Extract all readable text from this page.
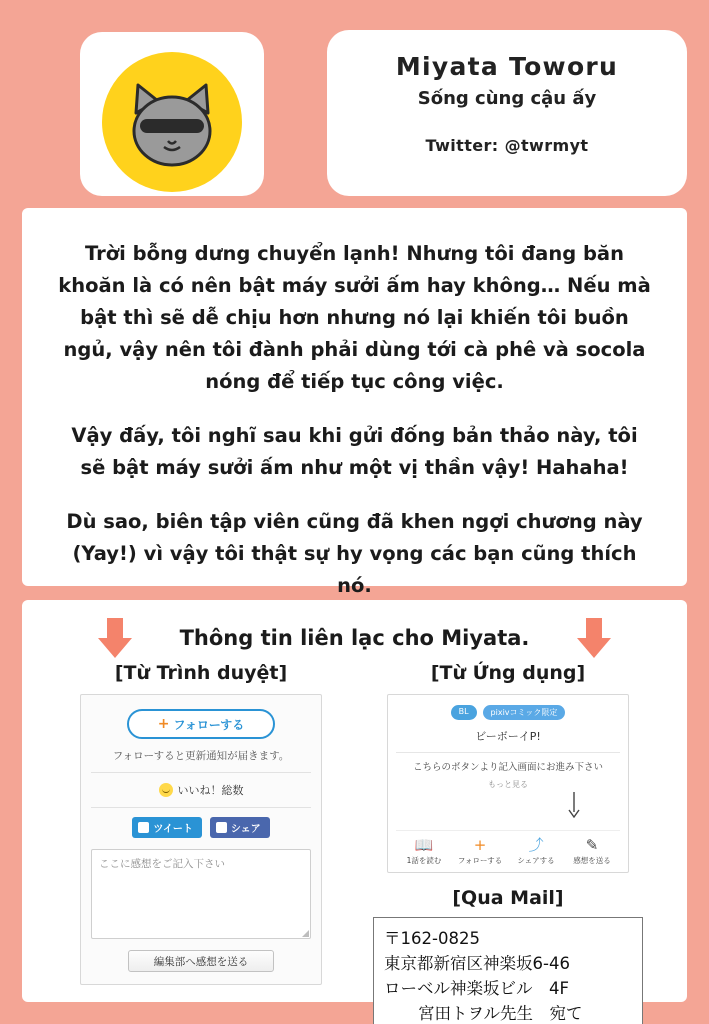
Miyata Toworu
Sống cùng cậu ấy
Twitter: @twrmyt
Trời bỗng dưng chuyển lạnh! Nhưng tôi đang băn khoăn là có nên bật máy sưởi ấm hay không… Nếu mà bật thì sẽ dễ chịu hơn nhưng nó lại khiến tôi buồn ngủ, vậy nên tôi đành phải dùng tới cà phê và socola nóng để tiếp tục công việc.
Vậy đấy, tôi nghĩ sau khi gửi đống bản thảo này, tôi sẽ bật máy sưởi ấm như một vị thần vậy! Hahaha!
Dù sao, biên tập viên cũng đã khen ngợi chương này (Yay!) vì vậy tôi thật sự hy vọng các bạn cũng thích nó.
Thông tin liên lạc cho Miyata.
[Từ Trình duyệt]
+ フォローする
フォローすると更新通知が届きます。
いいね！総数
ツイート	シェア
ここに感想をご記入下さい
編集部へ感想を送る
[Từ Ứng dụng]
BL	pixivコミック限定
ビーボーイP!
こちらのボタンより記入画面にお進み下さい
もっと見る
📖
1話を読む
+
フォローする
⤴
シェアする
✎
感想を送る
[Qua Mail]
〒162-0825
東京都新宿区神楽坂6-46
ローベル神楽坂ビル　4F
宮田トヲル先生　宛て
